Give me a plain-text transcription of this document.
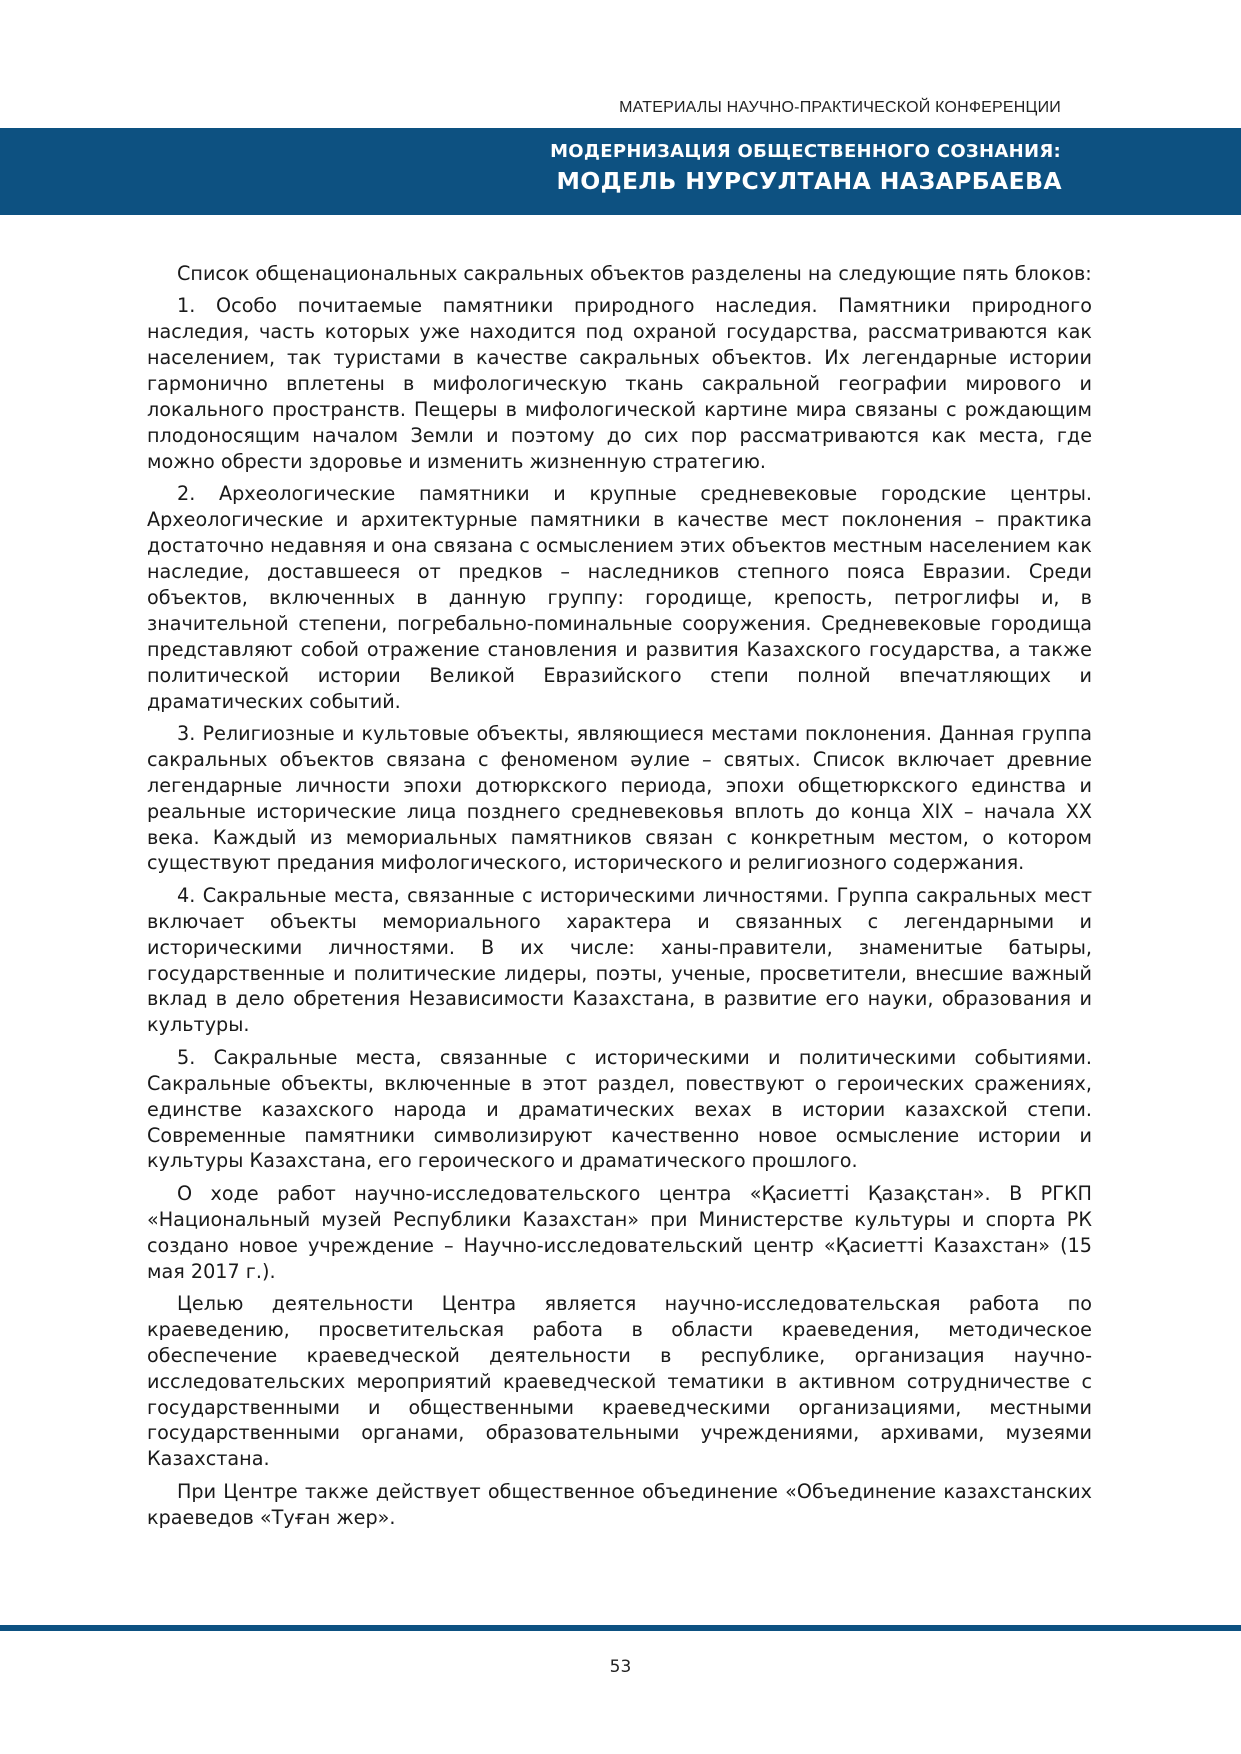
МАТЕРИАЛЫ НАУЧНО-ПРАКТИЧЕСКОЙ КОНФЕРЕНЦИИ
МОДЕРНИЗАЦИЯ ОБЩЕСТВЕННОГО СОЗНАНИЯ:
МОДЕЛЬ НУРСУЛТАНА НАЗАРБАЕВА

Список общенациональных сакральных объектов разделены на следующие пять блоков:

1. Особо почитаемые памятники природного наследия. Памятники природного наследия, часть которых уже находится под охраной государства, рассматриваются как населением, так туристами в качестве сакральных объектов. Их легендарные истории гармонично вплетены в мифологическую ткань сакральной географии мирового и локального пространств. Пещеры в мифологической картине мира связаны с рождающим плодоносящим началом Земли и поэтому до сих пор рассматриваются как места, где можно обрести здоровье и изменить жизненную стратегию.

2. Археологические памятники и крупные средневековые городские центры. Археологические и архитектурные памятники в качестве мест поклонения – практика достаточно недавняя и она связана с осмыслением этих объектов местным населением как наследие, доставшееся от предков – наследников степного пояса Евразии. Среди объектов, включенных в данную группу: городище, крепость, петроглифы и, в значительной степени, погребально-поминальные сооружения. Средневековые городища представляют собой отражение становления и развития Казахского государства, а также политической истории Великой Евразийского степи полной впечатляющих и драматических событий.

3. Религиозные и культовые объекты, являющиеся местами поклонения. Данная группа сакральных объектов связана с феноменом әулие – святых. Список включает древние легендарные личности эпохи дотюркского периода, эпохи общетюркского единства и реальные исторические лица позднего средневековья вплоть до конца XIX – начала XX века. Каждый из мемориальных памятников связан с конкретным местом, о котором существуют предания мифологического, исторического и религиозного содержания.

4. Сакральные места, связанные с историческими личностями. Группа сакральных мест включает объекты мемориального характера и связанных с легендарными и историческими личностями. В их числе: ханы-правители, знаменитые батыры, государственные и политические лидеры, поэты, ученые, просветители, внесшие важный вклад в дело обретения Независимости Казахстана, в развитие его науки, образования и культуры.

5. Сакральные места, связанные с историческими и политическими событиями. Сакральные объекты, включенные в этот раздел, повествуют о героических сражениях, единстве казахского народа и драматических вехах в истории казахской степи. Современные памятники символизируют качественно новое осмысление истории и культуры Казахстана, его героического и драматического прошлого.

О ходе работ научно-исследовательского центра «Қасиетті Қазақстан». В РГКП «Национальный музей Республики Казахстан» при Министерстве культуры и спорта РК создано новое учреждение – Научно-исследовательский центр «Қасиетті Казахстан» (15 мая 2017 г.).

Целью деятельности Центра является научно-исследовательская работа по краеведению, просветительская работа в области краеведения, методическое обеспечение краеведческой деятельности в республике, организация научно-исследовательских мероприятий краеведческой тематики в активном сотрудничестве с государственными и общественными краеведческими организациями, местными государственными органами, образовательными учреждениями, архивами, музеями Казахстана.

При Центре также действует общественное объединение «Объединение казахстанских краеведов «Туған жер».

53
